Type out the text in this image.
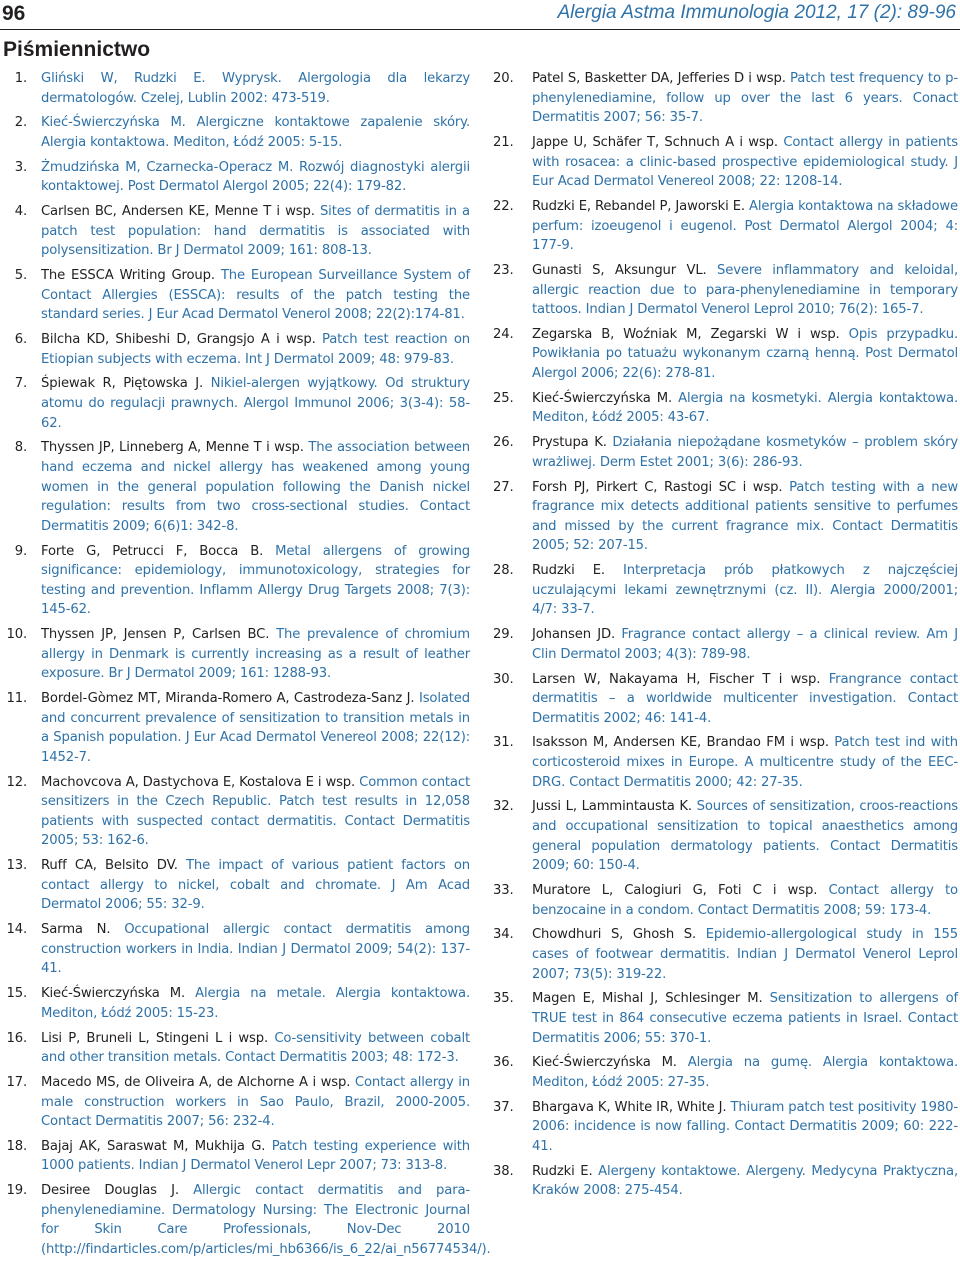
96	Alergia Astma Immunologia 2012, 17 (2): 89-96
Piśmiennictwo
1. Gliński W, Rudzki E. Wyprysk. Alergologia dla lekarzy dermatologów. Czelej, Lublin 2002: 473-519.
2. Kieć-Świerczyńska M. Alergiczne kontaktowe zapalenie skóry. Alergia kontaktowa. Mediton, Łódź 2005: 5-15.
3. Żmudzińska M, Czarnecka-Operacz M. Rozwój diagnostyki alergii kontaktowej. Post Dermatol Alergol 2005; 22(4): 179-82.
4. Carlsen BC, Andersen KE, Menne T i wsp. Sites of dermatitis in a patch test population: hand dermatitis is associated with polysensitization. Br J Dermatol 2009; 161: 808-13.
5. The ESSCA Writing Group. The European Surveillance System of Contact Allergies (ESSCA): results of the patch testing the standard series. J Eur Acad Dermatol Venerol 2008; 22(2):174-81.
6. Bilcha KD, Shibeshi D, Grangsjo A i wsp. Patch test reaction on Etiopian subjects with eczema. Int J Dermatol 2009; 48: 979-83.
7. Śpiewak R, Piętowska J. Nikiel-alergen wyjątkowy. Od struktury atomu do regulacji prawnych. Alergol Immunol 2006; 3(3-4): 58-62.
8. Thyssen JP, Linneberg A, Menne T i wsp. The association between hand eczema and nickel allergy has weakened among young women in the general population following the Danish nickel regulation: results from two cross-sectional studies. Contact Dermatitis 2009; 6(6)1: 342-8.
9. Forte G, Petrucci F, Bocca B. Metal allergens of growing significance: epidemiology, immunotoxicology, strategies for testing and prevention. Inflamm Allergy Drug Targets 2008; 7(3): 145-62.
10. Thyssen JP, Jensen P, Carlsen BC. The prevalence of chromium allergy in Denmark is currently increasing as a result of leather exposure. Br J Dermatol 2009; 161: 1288-93.
11. Bordel-Gòmez MT, Miranda-Romero A, Castrodeza-Sanz J. Isolated and concurrent prevalence of sensitization to transition metals in a Spanish population. J Eur Acad Dermatol Venereol 2008; 22(12): 1452-7.
12. Machovcova A, Dastychova E, Kostalova E i wsp. Common contact sensitizers in the Czech Republic. Patch test results in 12,058 patients with suspected contact dermatitis. Contact Dermatitis 2005; 53: 162-6.
13. Ruff CA, Belsito DV. The impact of various patient factors on contact allergy to nickel, cobalt and chromate. J Am Acad Dermatol 2006; 55: 32-9.
14. Sarma N. Occupational allergic contact dermatitis among construction workers in India. Indian J Dermatol 2009; 54(2): 137-41.
15. Kieć-Świerczyńska M. Alergia na metale. Alergia kontaktowa. Mediton, Łódź 2005: 15-23.
16. Lisi P, Bruneli L, Stingeni L i wsp. Co-sensitivity between cobalt and other transition metals. Contact Dermatitis 2003; 48: 172-3.
17. Macedo MS, de Oliveira A, de Alchorne A i wsp. Contact allergy in male construction workers in Sao Paulo, Brazil, 2000-2005. Contact Dermatitis 2007; 56: 232-4.
18. Bajaj AK, Saraswat M, Mukhija G. Patch testing experience with 1000 patients. Indian J Dermatol Venerol Lepr 2007; 73: 313-8.
19. Desiree Douglas J. Allergic contact dermatitis and para-phenylenediamine. Dermatology Nursing: The Electronic Journal for Skin Care Professionals, Nov-Dec 2010 (http://findarticles.com/p/articles/mi_hb6366/is_6_22/ai_n56774534/).
20.	Patel S, Basketter DA, Jefferies D i wsp. Patch test frequency to p-phenylenediamine, follow up over the last 6 years. Conact Dermatitis 2007; 56: 35-7.
21.	Jappe U, Schäfer T, Schnuch A i wsp. Contact allergy in patients with rosacea: a clinic-based prospective epidemiological study. J Eur Acad Dermatol Venereol 2008; 22: 1208-14.
22.	Rudzki E, Rebandel P, Jaworski E. Alergia kontaktowa na składowe perfum: izoeugenol i eugenol. Post Dermatol Alergol 2004; 4: 177-9.
23.	Gunasti S, Aksungur VL. Severe inflammatory and keloidal, allergic reaction due to para-phenylenediamine in temporary tattoos. Indian J Dermatol Venerol Leprol 2010; 76(2): 165-7.
24.	Zegarska B, Woźniak M, Zegarski W i wsp. Opis przypadku. Powikłania po tatuażu wykonanym czarną henną. Post Dermatol Alergol 2006; 22(6): 278-81.
25.	Kieć-Świerczyńska M. Alergia na kosmetyki. Alergia kontaktowa. Mediton, Łódź 2005: 43-67.
26.	Prystupa K. Działania niepożądane kosmetyków – problem skóry wrażliwej. Derm Estet 2001; 3(6): 286-93.
27.	Forsh PJ, Pirkert C, Rastogi SC i wsp. Patch testing with a new fragrance mix detects additional patients sensitive to perfumes and missed by the current fragrance mix. Contact Dermatitis 2005; 52: 207-15.
28.	Rudzki E. Interpretacja prób płatkowych z najczęściej uczulającymi lekami zewnętrznymi (cz. II). Alergia 2000/2001; 4/7: 33-7.
29.	Johansen JD. Fragrance contact allergy – a clinical review. Am J Clin Dermatol 2003; 4(3): 789-98.
30.	Larsen W, Nakayama H, Fischer T i wsp. Frangrance contact dermatitis – a worldwide multicenter investigation. Contact Dermatitis 2002; 46: 141-4.
31.	Isaksson M, Andersen KE, Brandao FM i wsp. Patch test ind with corticosteroid mixes in Europe. A multicentre study of the EEC-DRG. Contact Dermatitis 2000; 42: 27-35.
32.	Jussi L, Lammintausta K. Sources of sensitization, croos-reactions and occupational sensitization to topical anaesthetics among general population dermatology patients. Contact Dermatitis 2009; 60: 150-4.
33.	Muratore L, Calogiuri G, Foti C i wsp. Contact allergy to benzocaine in a condom. Contact Dermatitis 2008; 59: 173-4.
34.	Chowdhuri S, Ghosh S. Epidemio-allergological study in 155 cases of footwear dermatitis. Indian J Dermatol Venerol Leprol 2007; 73(5): 319-22.
35.	Magen E, Mishal J, Schlesinger M. Sensitization to allergens of TRUE test in 864 consecutive eczema patients in Israel. Contact Dermatitis 2006; 55: 370-1.
36.	Kieć-Świerczyńska M. Alergia na gumę. Alergia kontaktowa. Mediton, Łódź 2005: 27-35.
37.	Bhargava K, White IR, White J. Thiuram patch test positivity 1980-2006: incidence is now falling. Contact Dermatitis 2009; 60: 222-41.
38.	Rudzki E. Alergeny kontaktowe. Alergeny. Medycyna Praktyczna, Kraków 2008: 275-454.
